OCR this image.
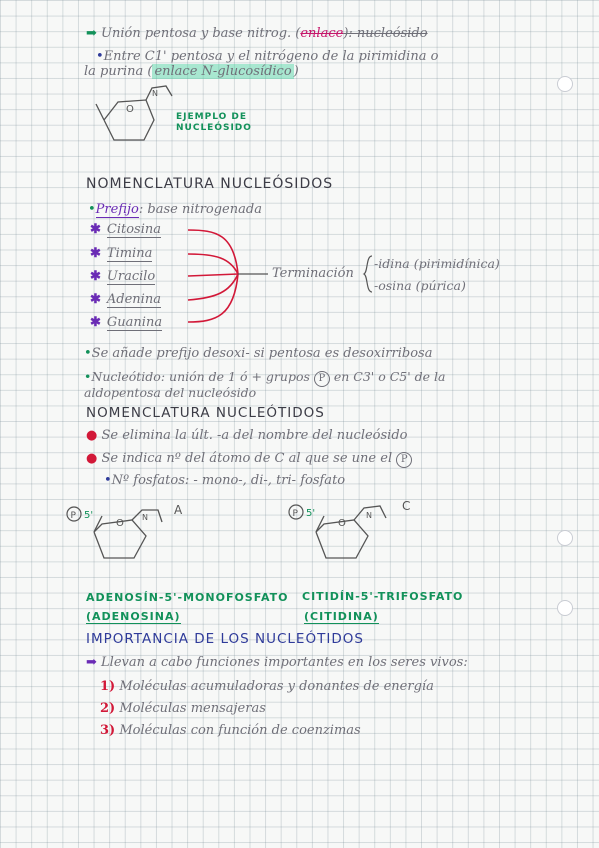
➡ Unión pentosa y base nitrog. (enlace): nucleósido
•Entre C1' pentosa y el nitrógeno de la pirimidina o
la purina ( enlace N-glucosídico )
O
N
EJEMPLO DE
NUCLEÓSIDO
NOMENCLATURA NUCLEÓSIDOS
•Prefijo: base nitrogenada
✱ Citosina
✱ Timina
✱ Uracilo
✱ Adenina
✱ Guanina
Terminación
-idina (pirimidínica)
-osina (púrica)
•Se añade prefijo desoxi- si pentosa es desoxirribosa
•Nucleótido: unión de 1 ó + grupos P en C3' o C5' de la
aldopentosa del nucleósido
NOMENCLATURA NUCLEÓTIDOS
● Se elimina la últ. -a del nombre del nucleósido
● Se indica nº del átomo de C al que se une el P
•Nº fosfatos: - mono-, di-, tri- fosfato
P 5'
O
N
A	P 5'
O
N
C
ADENOSÍN-5'-MONOFOSFATO
(ADENOSINA)
CITIDÍN-5'-TRIFOSFATO
(CITIDINA)
IMPORTANCIA DE LOS NUCLEÓTIDOS
➡ Llevan a cabo funciones importantes en los seres vivos:
1) Moléculas acumuladoras y donantes de energía
2) Moléculas mensajeras
3) Moléculas con función de coenzimas
